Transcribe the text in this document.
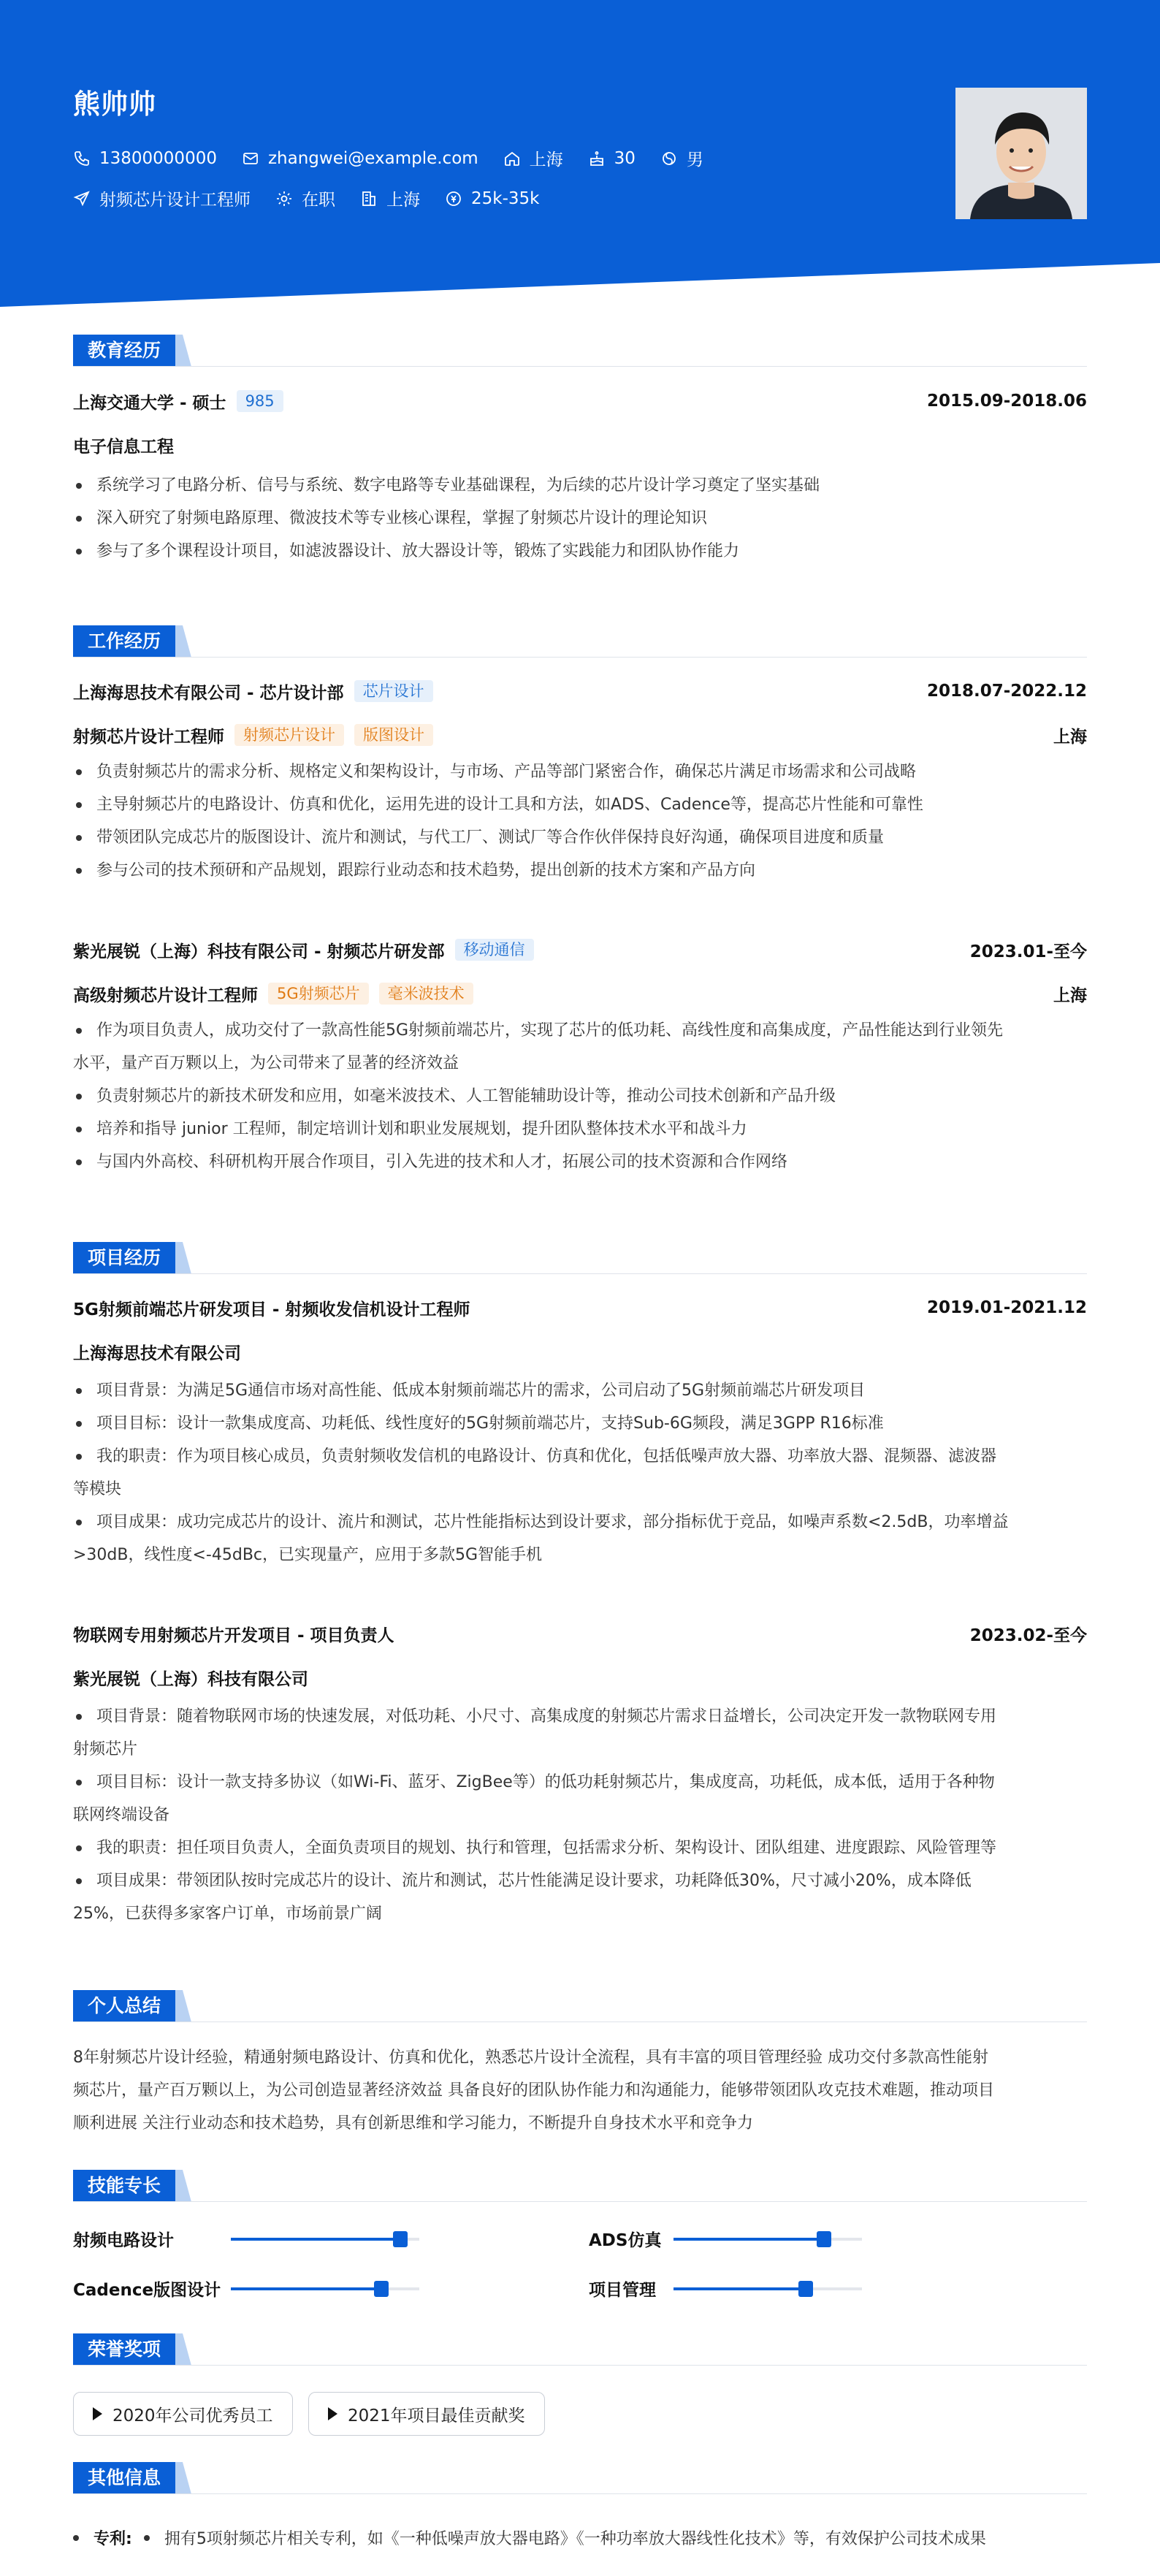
熊帅帅
13800000000	zhangwei@example.com	上海	30	男
射频芯片设计工程师	在职	上海	25k-35k
教育经历
上海交通大学 - 硕士	985	2015.09-2018.06
电子信息工程
系统学习了电路分析、信号与系统、数字电路等专业基础课程，为后续的芯片设计学习奠定了坚实基础
深入研究了射频电路原理、微波技术等专业核心课程，掌握了射频芯片设计的理论知识
参与了多个课程设计项目，如滤波器设计、放大器设计等，锻炼了实践能力和团队协作能力
工作经历
上海海思技术有限公司 - 芯片设计部	芯片设计	2018.07-2022.12
射频芯片设计工程师	射频芯片设计	版图设计	上海
负责射频芯片的需求分析、规格定义和架构设计，与市场、产品等部门紧密合作，确保芯片满足市场需求和公司战略
主导射频芯片的电路设计、仿真和优化，运用先进的设计工具和方法，如ADS、Cadence等，提高芯片性能和可靠性
带领团队完成芯片的版图设计、流片和测试，与代工厂、测试厂等合作伙伴保持良好沟通，确保项目进度和质量
参与公司的技术预研和产品规划，跟踪行业动态和技术趋势，提出创新的技术方案和产品方向
紫光展锐（上海）科技有限公司 - 射频芯片研发部	移动通信	2023.01-至今
高级射频芯片设计工程师	5G射频芯片	毫米波技术	上海
作为项目负责人，成功交付了一款高性能5G射频前端芯片，实现了芯片的低功耗、高线性度和高集成度，产品性能达到行业领先
水平，量产百万颗以上，为公司带来了显著的经济效益
负责射频芯片的新技术研发和应用，如毫米波技术、人工智能辅助设计等，推动公司技术创新和产品升级
培养和指导 junior 工程师，制定培训计划和职业发展规划，提升团队整体技术水平和战斗力
与国内外高校、科研机构开展合作项目，引入先进的技术和人才，拓展公司的技术资源和合作网络
项目经历
5G射频前端芯片研发项目 - 射频收发信机设计工程师	2019.01-2021.12
上海海思技术有限公司
项目背景：为满足5G通信市场对高性能、低成本射频前端芯片的需求，公司启动了5G射频前端芯片研发项目
项目目标：设计一款集成度高、功耗低、线性度好的5G射频前端芯片，支持Sub-6G频段，满足3GPP R16标准
我的职责：作为项目核心成员，负责射频收发信机的电路设计、仿真和优化，包括低噪声放大器、功率放大器、混频器、滤波器
等模块
项目成果：成功完成芯片的设计、流片和测试，芯片性能指标达到设计要求，部分指标优于竞品，如噪声系数<2.5dB，功率增益
>30dB，线性度<-45dBc，已实现量产，应用于多款5G智能手机
物联网专用射频芯片开发项目 - 项目负责人	2023.02-至今
紫光展锐（上海）科技有限公司
项目背景：随着物联网市场的快速发展，对低功耗、小尺寸、高集成度的射频芯片需求日益增长，公司决定开发一款物联网专用
射频芯片
项目目标：设计一款支持多协议（如Wi-Fi、蓝牙、ZigBee等）的低功耗射频芯片，集成度高，功耗低，成本低，适用于各种物
联网终端设备
我的职责：担任项目负责人，全面负责项目的规划、执行和管理，包括需求分析、架构设计、团队组建、进度跟踪、风险管理等
项目成果：带领团队按时完成芯片的设计、流片和测试，芯片性能满足设计要求，功耗降低30%，尺寸减小20%，成本降低
25%，已获得多家客户订单，市场前景广阔
个人总结
8年射频芯片设计经验，精通射频电路设计、仿真和优化，熟悉芯片设计全流程，具有丰富的项目管理经验 成功交付多款高性能射
频芯片，量产百万颗以上，为公司创造显著经济效益 具备良好的团队协作能力和沟通能力，能够带领团队攻克技术难题，推动项目
顺利进展 关注行业动态和技术趋势，具有创新思维和学习能力，不断提升自身技术水平和竞争力
技能专长
射频电路设计	ADS仿真
Cadence版图设计	项目管理
荣誉奖项
2020年公司优秀员工	2021年项目最佳贡献奖
其他信息
专利: 拥有5项射频芯片相关专利，如《一种低噪声放大器电路》《一种功率放大器线性化技术》等，有效保护公司技术成果
